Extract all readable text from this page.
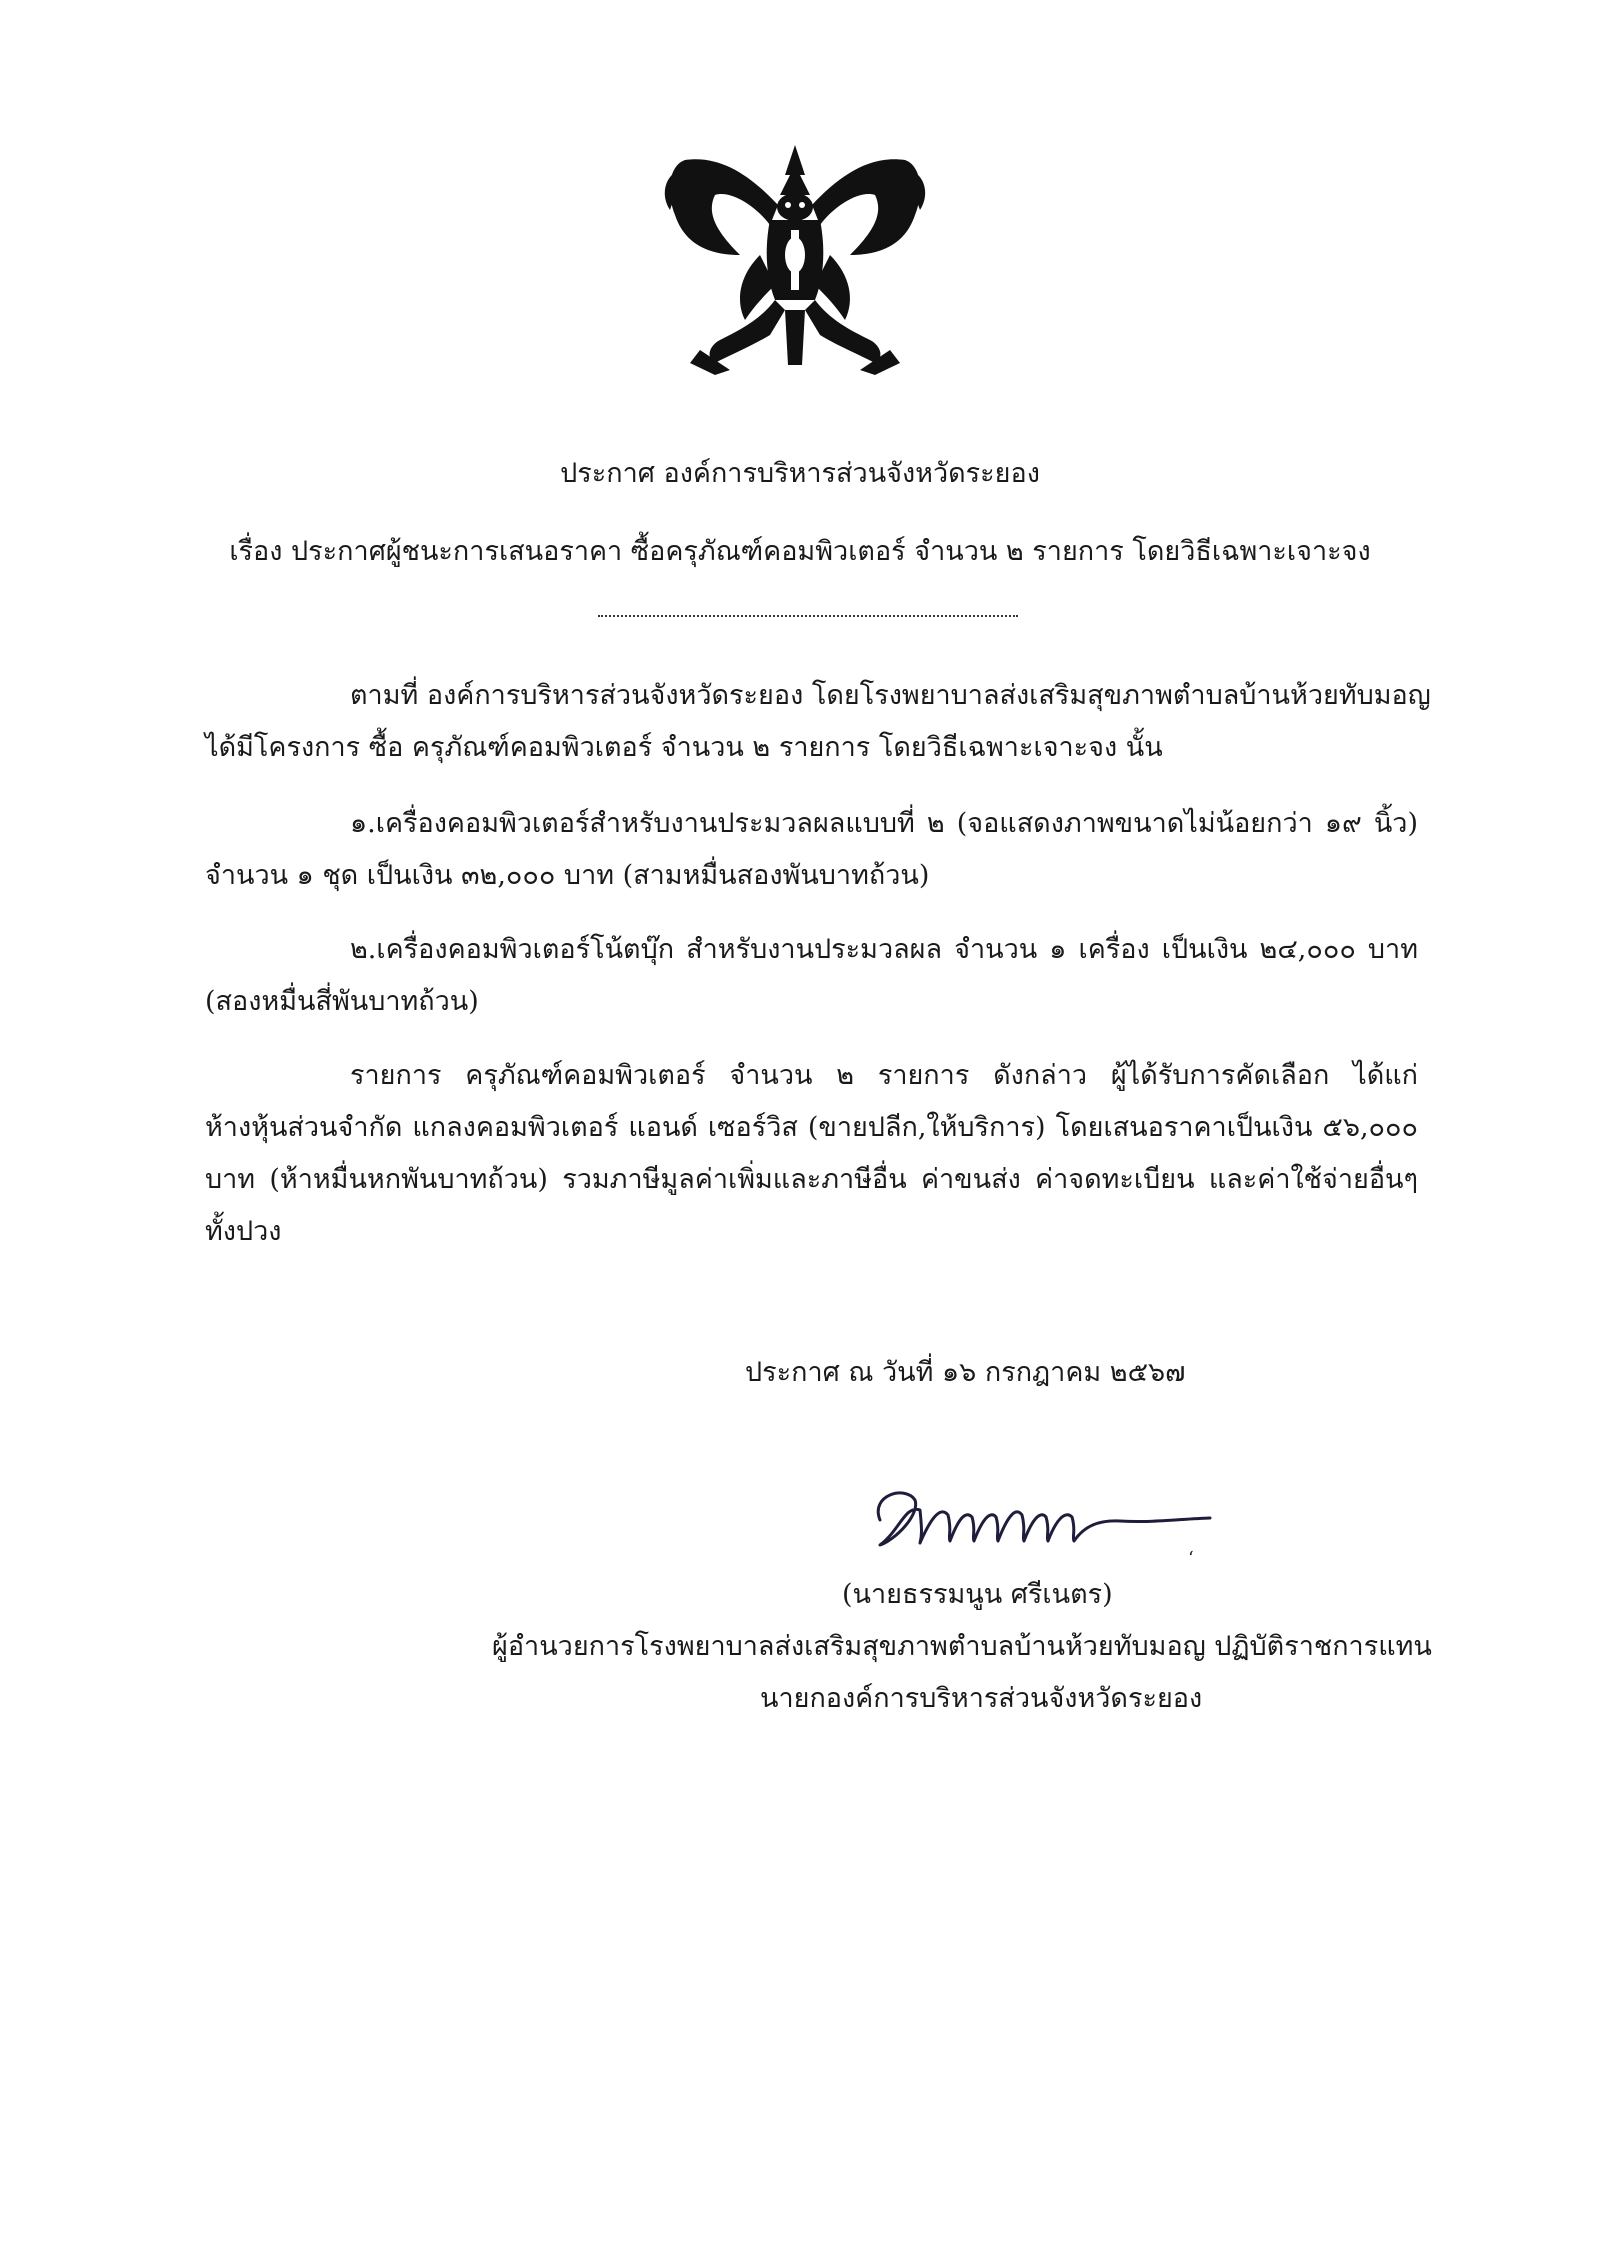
ประกาศ องค์การบริหารส่วนจังหวัดระยอง
เรื่อง ประกาศผู้ชนะการเสนอราคา ซื้อครุภัณฑ์คอมพิวเตอร์ จำนวน ๒ รายการ โดยวิธีเฉพาะเจาะจง
ตามที่ องค์การบริหารส่วนจังหวัดระยอง โดยโรงพยาบาลส่งเสริมสุขภาพตำบลบ้านห้วยทับมอญ
ได้มีโครงการ ซื้อ ครุภัณฑ์คอมพิวเตอร์ จำนวน ๒ รายการ โดยวิธีเฉพาะเจาะจง นั้น
๑.เครื่องคอมพิวเตอร์สำหรับงานประมวลผลแบบที่ ๒ (จอแสดงภาพขนาดไม่น้อยกว่า ๑๙ นิ้ว)
จำนวน ๑ ชุด เป็นเงิน ๓๒,๐๐๐ บาท (สามหมื่นสองพันบาทถ้วน)
๒.เครื่องคอมพิวเตอร์โน้ตบุ๊ก สำหรับงานประมวลผล จำนวน ๑ เครื่อง เป็นเงิน ๒๔,๐๐๐ บาท
(สองหมื่นสี่พันบาทถ้วน)
รายการ ครุภัณฑ์คอมพิวเตอร์ จำนวน ๒ รายการ ดังกล่าว ผู้ได้รับการคัดเลือก ได้แก่
ห้างหุ้นส่วนจำกัด แกลงคอมพิวเตอร์ แอนด์ เซอร์วิส (ขายปลีก,ให้บริการ) โดยเสนอราคาเป็นเงิน ๕๖,๐๐๐
บาท (ห้าหมื่นหกพันบาทถ้วน) รวมภาษีมูลค่าเพิ่มและภาษีอื่น ค่าขนส่ง ค่าจดทะเบียน และค่าใช้จ่ายอื่นๆ
ทั้งปวง
ประกาศ ณ วันที่ ๑๖ กรกฎาคม ๒๕๖๗
‘
(นายธรรมนูน ศรีเนตร)
ผู้อำนวยการโรงพยาบาลส่งเสริมสุขภาพตำบลบ้านห้วยทับมอญ ปฏิบัติราชการแทน
นายกองค์การบริหารส่วนจังหวัดระยอง
